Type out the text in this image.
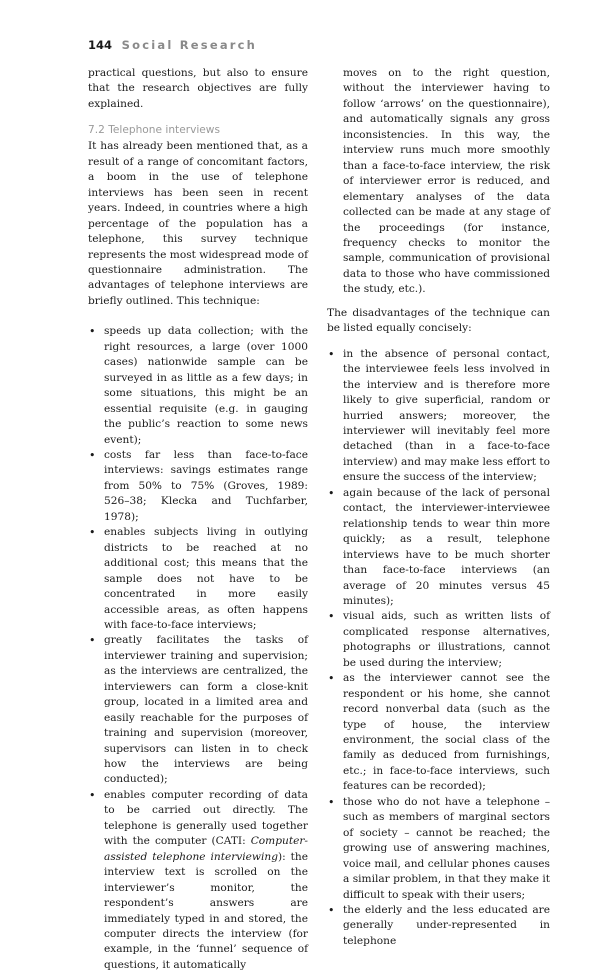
144 Social Research

practical questions, but also to ensure that the research objectives are fully explained.

7.2 Telephone interviews

It has already been mentioned that, as a result of a range of concomitant factors, a boom in the use of telephone interviews has been seen in recent years. Indeed, in countries where a high percentage of the population has a telephone, this survey technique represents the most widespread mode of questionnaire administration. The advantages of telephone interviews are briefly outlined. This technique:

• speeds up data collection; with the right resources, a large (over 1000 cases) nationwide sample can be surveyed in as little as a few days; in some situations, this might be an essential requisite (e.g. in gauging the public’s reaction to some news event);
• costs far less than face-to-face interviews: savings estimates range from 50% to 75% (Groves, 1989: 526–38; Klecka and Tuchfarber, 1978);
• enables subjects living in outlying districts to be reached at no additional cost; this means that the sample does not have to be concentrated in more easily accessible areas, as often happens with face-to-face interviews;
• greatly facilitates the tasks of interviewer training and supervision; as the interviews are centralized, the interviewers can form a close-knit group, located in a limited area and easily reachable for the purposes of training and supervision (moreover, supervisors can listen in to check how the interviews are being conducted);
• enables computer recording of data to be carried out directly. The telephone is generally used together with the computer (CATI: Computer-assisted telephone interviewing): the interview text is scrolled on the interviewer’s monitor, the respondent’s answers are immediately typed in and stored, the computer directs the interview (for example, in the ‘funnel’ sequence of questions, it automatically

moves on to the right question, without the interviewer having to follow ‘arrows’ on the questionnaire), and automatically signals any gross inconsistencies. In this way, the interview runs much more smoothly than a face-to-face interview, the risk of interviewer error is reduced, and elementary analyses of the data collected can be made at any stage of the proceedings (for instance, frequency checks to monitor the sample, communication of provisional data to those who have commissioned the study, etc.).

The disadvantages of the technique can be listed equally concisely:

• in the absence of personal contact, the interviewee feels less involved in the interview and is therefore more likely to give superficial, random or hurried answers; moreover, the interviewer will inevitably feel more detached (than in a face-to-face interview) and may make less effort to ensure the success of the interview;
• again because of the lack of personal contact, the interviewer-interviewee relationship tends to wear thin more quickly; as a result, telephone interviews have to be much shorter than face-to-face interviews (an average of 20 minutes versus 45 minutes);
• visual aids, such as written lists of complicated response alternatives, photographs or illustrations, cannot be used during the interview;
• as the interviewer cannot see the respondent or his home, she cannot record nonverbal data (such as the type of house, the interview environment, the social class of the family as deduced from furnishings, etc.; in face-to-face interviews, such features can be recorded);
• those who do not have a telephone – such as members of marginal sectors of society – cannot be reached; the growing use of answering machines, voice mail, and cellular phones causes a similar problem, in that they make it difficult to speak with their users;
• the elderly and the less educated are generally under-represented in telephone
